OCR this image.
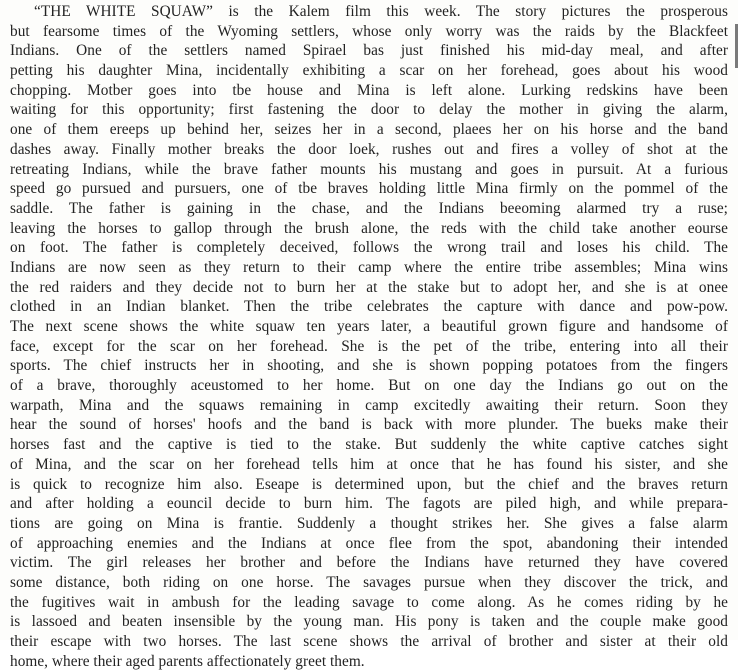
“THE WHITE SQUAW” is the Kalem film this week. The story pictures the prosperous
but fearsome times of the Wyoming settlers, whose only worry was the raids by the Blackfeet
Indians. One of the settlers named Spirael bas just finished his mid-day meal, and after
petting his daughter Mina, incidentally exhibiting a scar on her forehead, goes about his wood
chopping. Motber goes into tbe house and Mina is left alone. Lurking redskins have been
waiting for this opportunity; first fastening the door to delay the mother in giving the alarm,
one of them ereeps up behind her, seizes her in a second, plaees her on his horse and the band
dashes away. Finally mother breaks the door loek, rushes out and fires a volley of shot at the
retreating Indians, while the brave father mounts his mustang and goes in pursuit. At a furious
speed go pursued and pursuers, one of tbe braves holding little Mina firmly on the pommel of the
saddle. The father is gaining in the chase, and the Indians beeoming alarmed try a ruse;
leaving the horses to gallop through the brush alone, the reds with the child take another eourse
on foot. The father is completely deceived, follows the wrong trail and loses his child. The
Indians are now seen as they return to their camp where the entire tribe assembles; Mina wins
the red raiders and they decide not to burn her at the stake but to adopt her, and she is at onee
clothed in an Indian blanket. Then the tribe celebrates the capture with dance and pow-pow.
The next scene shows the white squaw ten years later, a beautiful grown figure and handsome of
face, except for the scar on her forehead. She is the pet of the tribe, entering into all their
sports. The chief instructs her in shooting, and she is shown popping potatoes from the fingers
of a brave, thoroughly aceustomed to her home. But on one day the Indians go out on the
warpath, Mina and the squaws remaining in camp excitedly awaiting their return. Soon they
hear the sound of horses' hoofs and the band is back with more plunder. The bueks make their
horses fast and the captive is tied to the stake. But suddenly the white captive catches sight
of Mina, and the scar on her forehead tells him at once that he has found his sister, and she
is quick to recognize him also. Eseape is determined upon, but the chief and the braves return
and after holding a eouncil decide to burn him. The fagots are piled high, and while prepara-
tions are going on Mina is frantie. Suddenly a thought strikes her. She gives a false alarm
of approaching enemies and the Indians at once flee from the spot, abandoning their intended
victim. The girl releases her brother and before the Indians have returned they have covered
some distance, both riding on one horse. The savages pursue when they discover the trick, and
the fugitives wait in ambush for the leading savage to come along. As he comes riding by he
is lassoed and beaten insensible by the young man. His pony is taken and the couple make good
their escape with two horses. The last scene shows the arrival of brother and sister at their old
home, where their aged parents affectionately greet them.
